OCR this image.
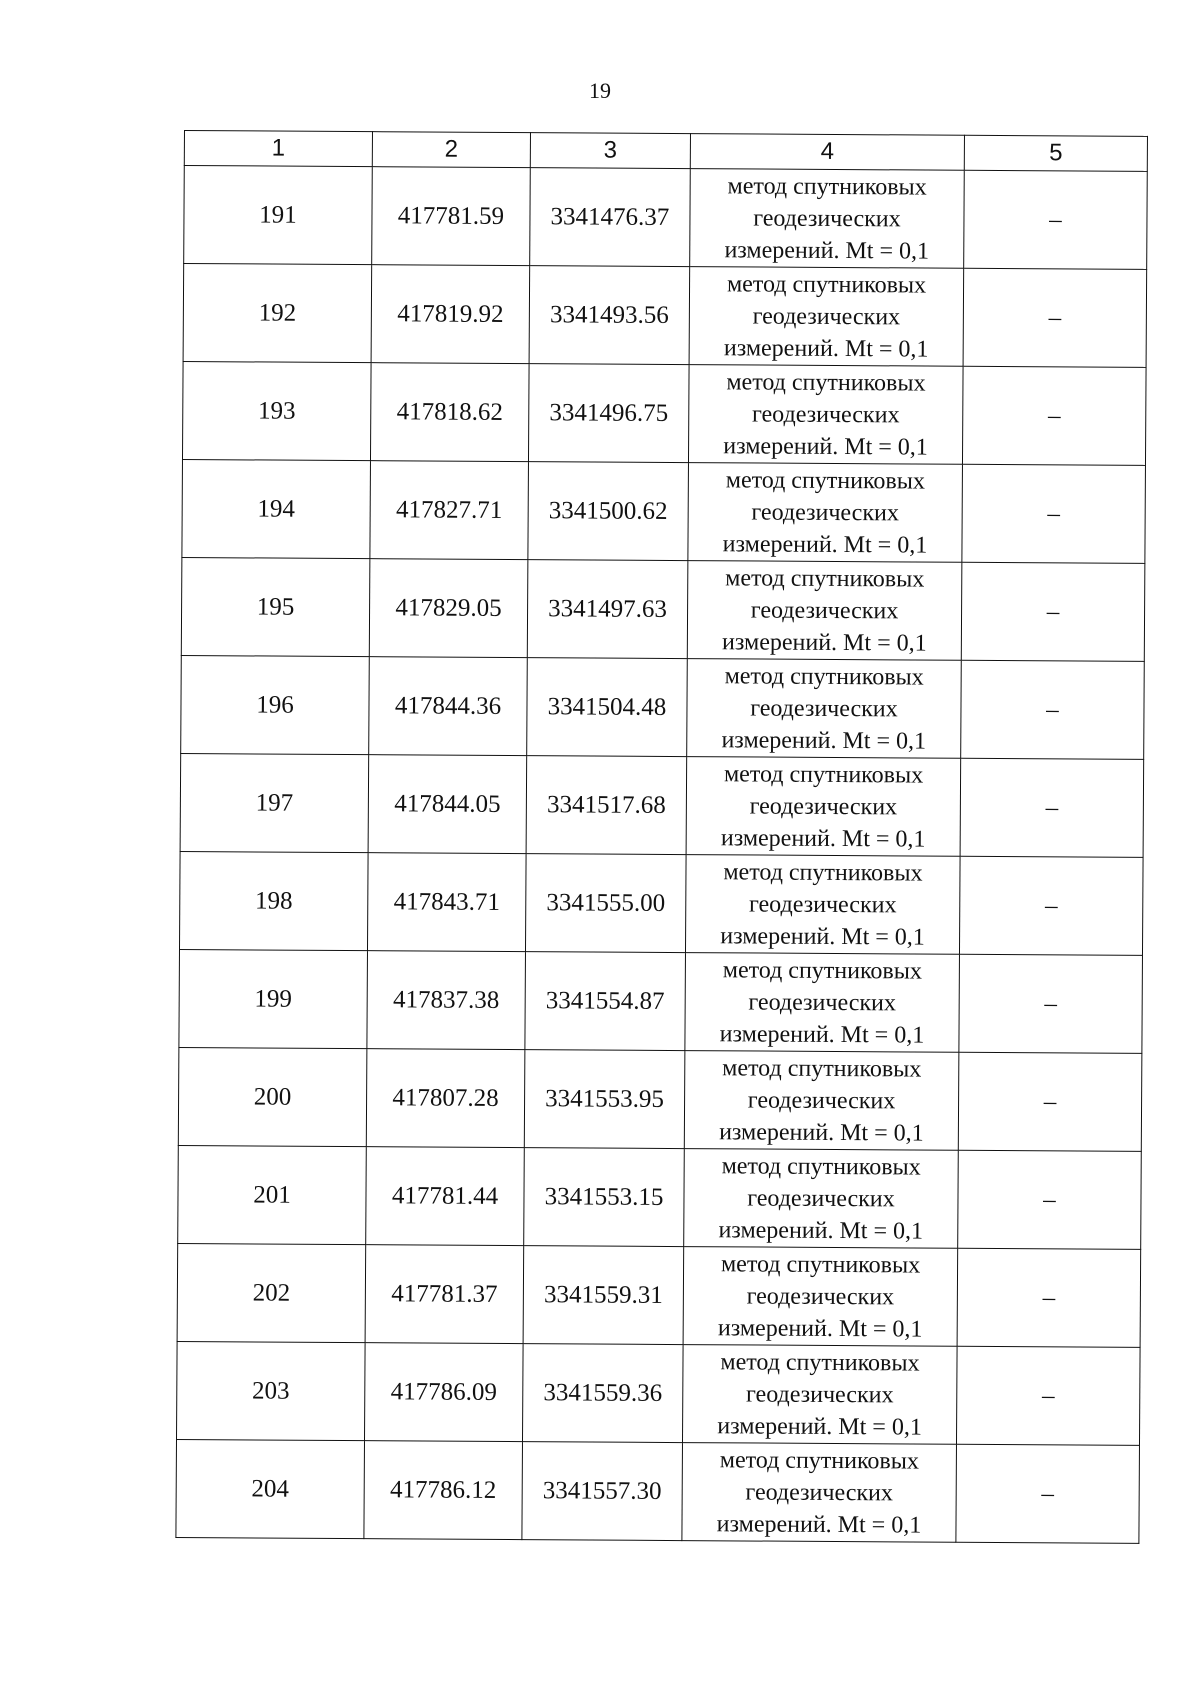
19
1	2	3	4	5
191	417781.59	3341476.37	метод спутниковых
геодезических
измерений. Mt = 0,1	–
192	417819.92	3341493.56	метод спутниковых
геодезических
измерений. Mt = 0,1	–
193	417818.62	3341496.75	метод спутниковых
геодезических
измерений. Mt = 0,1	–
194	417827.71	3341500.62	метод спутниковых
геодезических
измерений. Mt = 0,1	–
195	417829.05	3341497.63	метод спутниковых
геодезических
измерений. Mt = 0,1	–
196	417844.36	3341504.48	метод спутниковых
геодезических
измерений. Mt = 0,1	–
197	417844.05	3341517.68	метод спутниковых
геодезических
измерений. Mt = 0,1	–
198	417843.71	3341555.00	метод спутниковых
геодезических
измерений. Mt = 0,1	–
199	417837.38	3341554.87	метод спутниковых
геодезических
измерений. Mt = 0,1	–
200	417807.28	3341553.95	метод спутниковых
геодезических
измерений. Mt = 0,1	–
201	417781.44	3341553.15	метод спутниковых
геодезических
измерений. Mt = 0,1	–
202	417781.37	3341559.31	метод спутниковых
геодезических
измерений. Mt = 0,1	–
203	417786.09	3341559.36	метод спутниковых
геодезических
измерений. Mt = 0,1	–
204	417786.12	3341557.30	метод спутниковых
геодезических
измерений. Mt = 0,1	–
